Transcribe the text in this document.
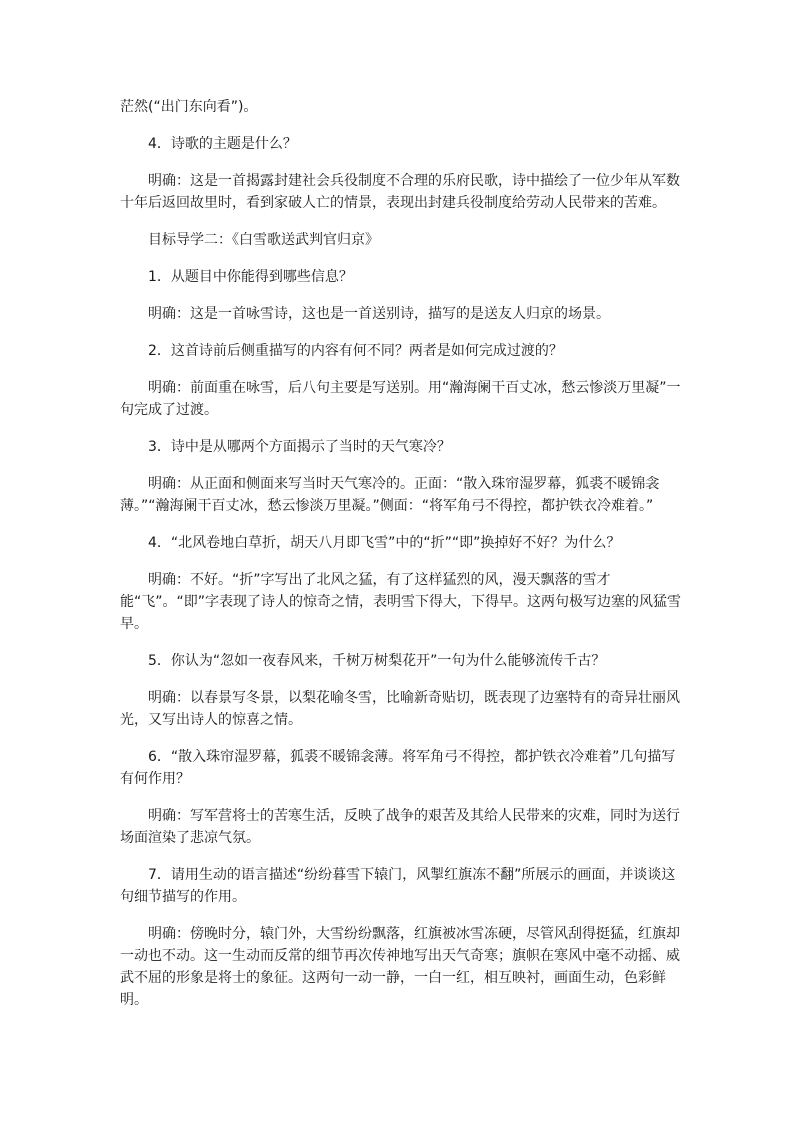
茫然(“出门东向看”)。

4．诗歌的主题是什么？

明确：这是一首揭露封建社会兵役制度不合理的乐府民歌，诗中描绘了一位少年从军数十年后返回故里时，看到家破人亡的情景，表现出封建兵役制度给劳动人民带来的苦难。

目标导学二：《白雪歌送武判官归京》

1．从题目中你能得到哪些信息？

明确：这是一首咏雪诗，这也是一首送别诗，描写的是送友人归京的场景。

2．这首诗前后侧重描写的内容有何不同？两者是如何完成过渡的？

明确：前面重在咏雪，后八句主要是写送别。用“瀚海阑干百丈冰，愁云惨淡万里凝”一句完成了过渡。

3．诗中是从哪两个方面揭示了当时的天气寒冷？

明确：从正面和侧面来写当时天气寒冷的。正面：“散入珠帘湿罗幕，狐裘不暖锦衾薄。”“瀚海阑干百丈冰，愁云惨淡万里凝。”侧面：“将军角弓不得控，都护铁衣冷难着。”

4．“北风卷地白草折，胡天八月即飞雪”中的“折”“即”换掉好不好？为什么？

明确：不好。“折”字写出了北风之猛，有了这样猛烈的风，漫天飘落的雪才能“飞”。“即”字表现了诗人的惊奇之情，表明雪下得大，下得早。这两句极写边塞的风猛雪早。

5．你认为“忽如一夜春风来，千树万树梨花开”一句为什么能够流传千古？

明确：以春景写冬景，以梨花喻冬雪，比喻新奇贴切，既表现了边塞特有的奇异壮丽风光，又写出诗人的惊喜之情。

6．“散入珠帘湿罗幕，狐裘不暖锦衾薄。将军角弓不得控，都护铁衣冷难着”几句描写有何作用？

明确：写军营将士的苦寒生活，反映了战争的艰苦及其给人民带来的灾难，同时为送行场面渲染了悲凉气氛。

7．请用生动的语言描述“纷纷暮雪下辕门，风掣红旗冻不翻”所展示的画面，并谈谈这句细节描写的作用。

明确：傍晚时分，辕门外，大雪纷纷飘落，红旗被冰雪冻硬，尽管风刮得挺猛，红旗却一动也不动。这一生动而反常的细节再次传神地写出天气奇寒；旗帜在寒风中毫不动摇、威武不屈的形象是将士的象征。这两句一动一静，一白一红，相互映衬，画面生动，色彩鲜明。
